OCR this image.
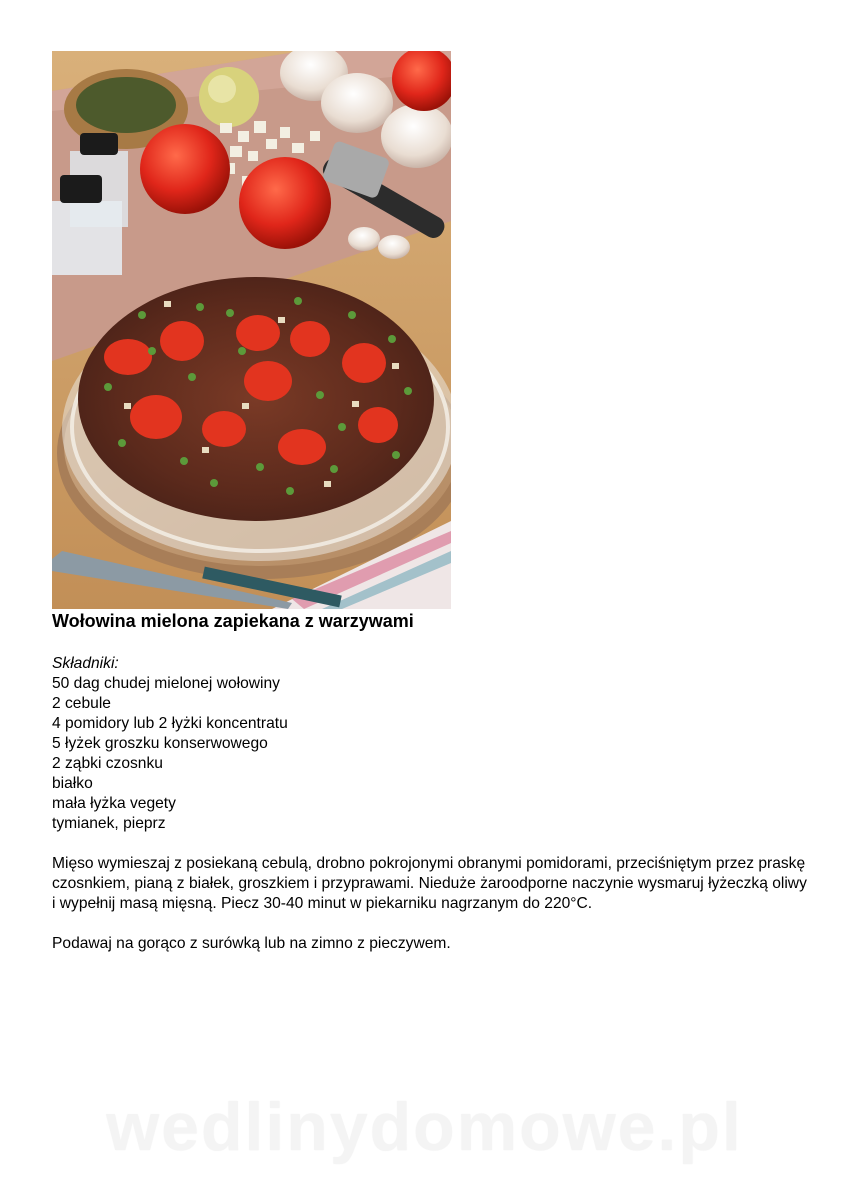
Wołowina mielona zapiekana z warzywami
Składniki:
50 dag chudej mielonej wołowiny
2 cebule
4 pomidory lub 2 łyżki koncentratu
5 łyżek groszku konserwowego
2 ząbki czosnku
białko
mała łyżka vegety
tymianek, pieprz

Mięso wymieszaj z posiekaną cebulą, drobno pokrojonymi obranymi pomidorami, przeciśniętym przez praskę czosnkiem, pianą z białek, groszkiem i przyprawami. Nieduże żaroodporne naczynie wysmaruj łyżeczką oliwy i wypełnij masą mięsną. Piecz 30-40 minut w piekarniku nagrzanym do 220°C.

Podawaj na gorąco z surówką lub na zimno z pieczywem.

wedlinydomowe.pl
